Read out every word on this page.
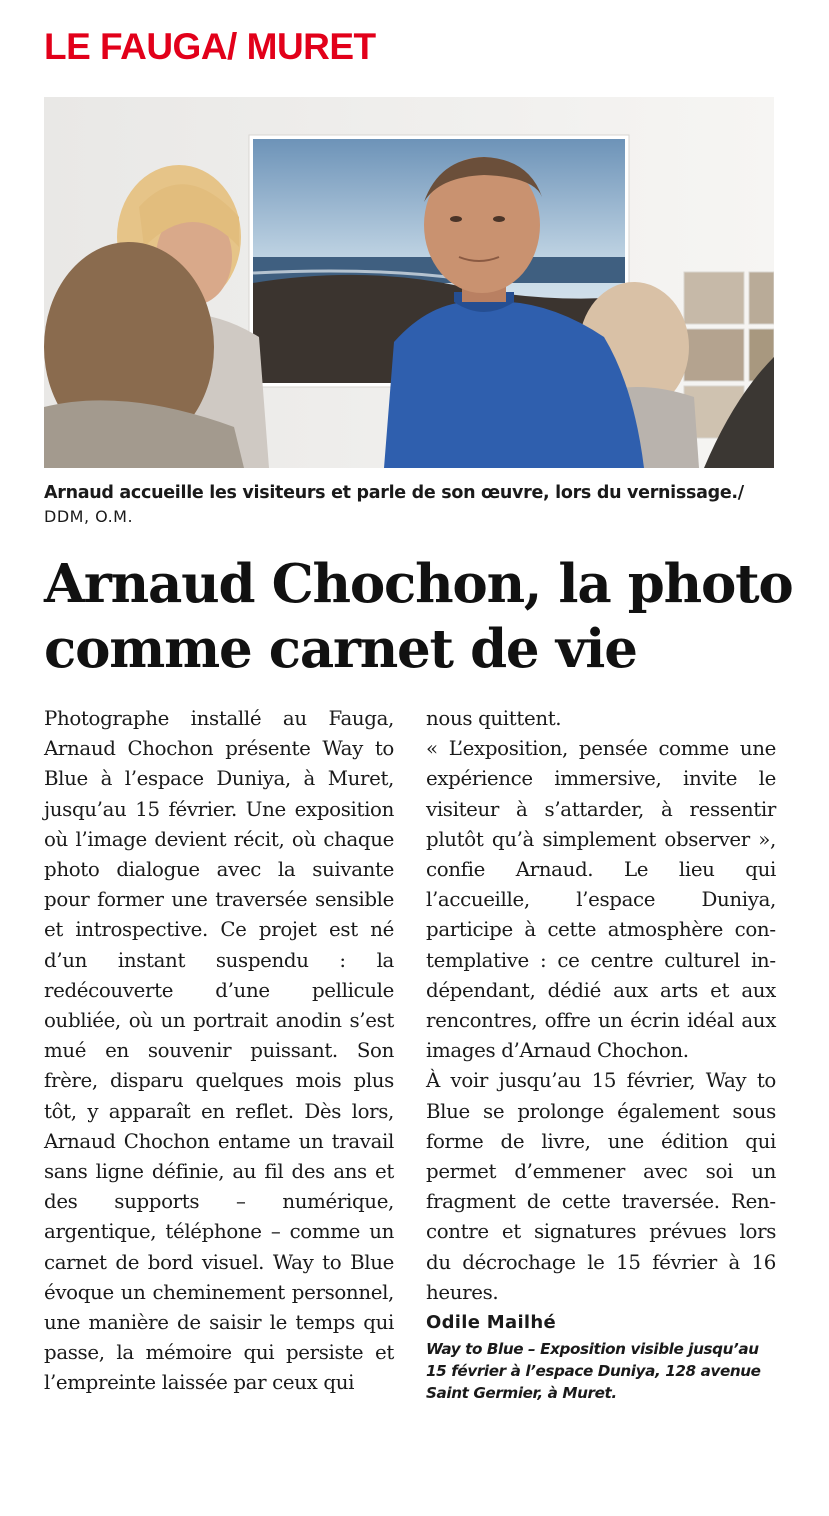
LE FAUGA/ MURET

Arnaud accueille les visiteurs et parle de son œuvre, lors du vernissage./
DDM, O.M.

Arnaud Chochon, la photo comme carnet de vie

Photographe installé au Fauga, Arnaud Chochon présente Way to Blue à l’espace Duniya, à Muret, jusqu’au 15 février. Une exposition où l’image devient récit, où chaque photo dialogue avec la suivante pour former une traversée sensible et introspective. Ce projet est né d’un instant suspendu : la redécouverte d’une pellicule oubliée, où un portrait anodin s’est mué en souvenir puissant. Son frère, disparu quelques mois plus tôt, y apparaît en reflet. Dès lors, Arnaud Chochon entame un travail sans ligne définie, au fil des ans et des supports – numérique, argentique, téléphone – comme un carnet de bord visuel. Way to Blue évoque un cheminement personnel, une manière de saisir le temps qui passe, la mémoire qui persiste et l’empreinte laissée par ceux qui

nous quittent.

« L’exposition, pensée comme une expérience immersive, invite le visiteur à s’attarder, à ressentir plutôt qu’à simplement observer », confie Arnaud. Le lieu qui l’accueille, l’espace Duniya, participe à cette atmosphère contemplative : ce centre culturel indépendant, dédié aux arts et aux rencontres, offre un écrin idéal aux images d’Arnaud Chochon.

À voir jusqu’au 15 février, Way to Blue se prolonge également sous forme de livre, une édition qui permet d’emmener avec soi un fragment de cette traversée. Rencontre et signatures prévues lors du décrochage le 15 février à 16 heures.

Odile Mailhé

Way to Blue – Exposition visible jusqu’au 15 février à l’espace Duniya, 128 avenue Saint Germier, à Muret.
